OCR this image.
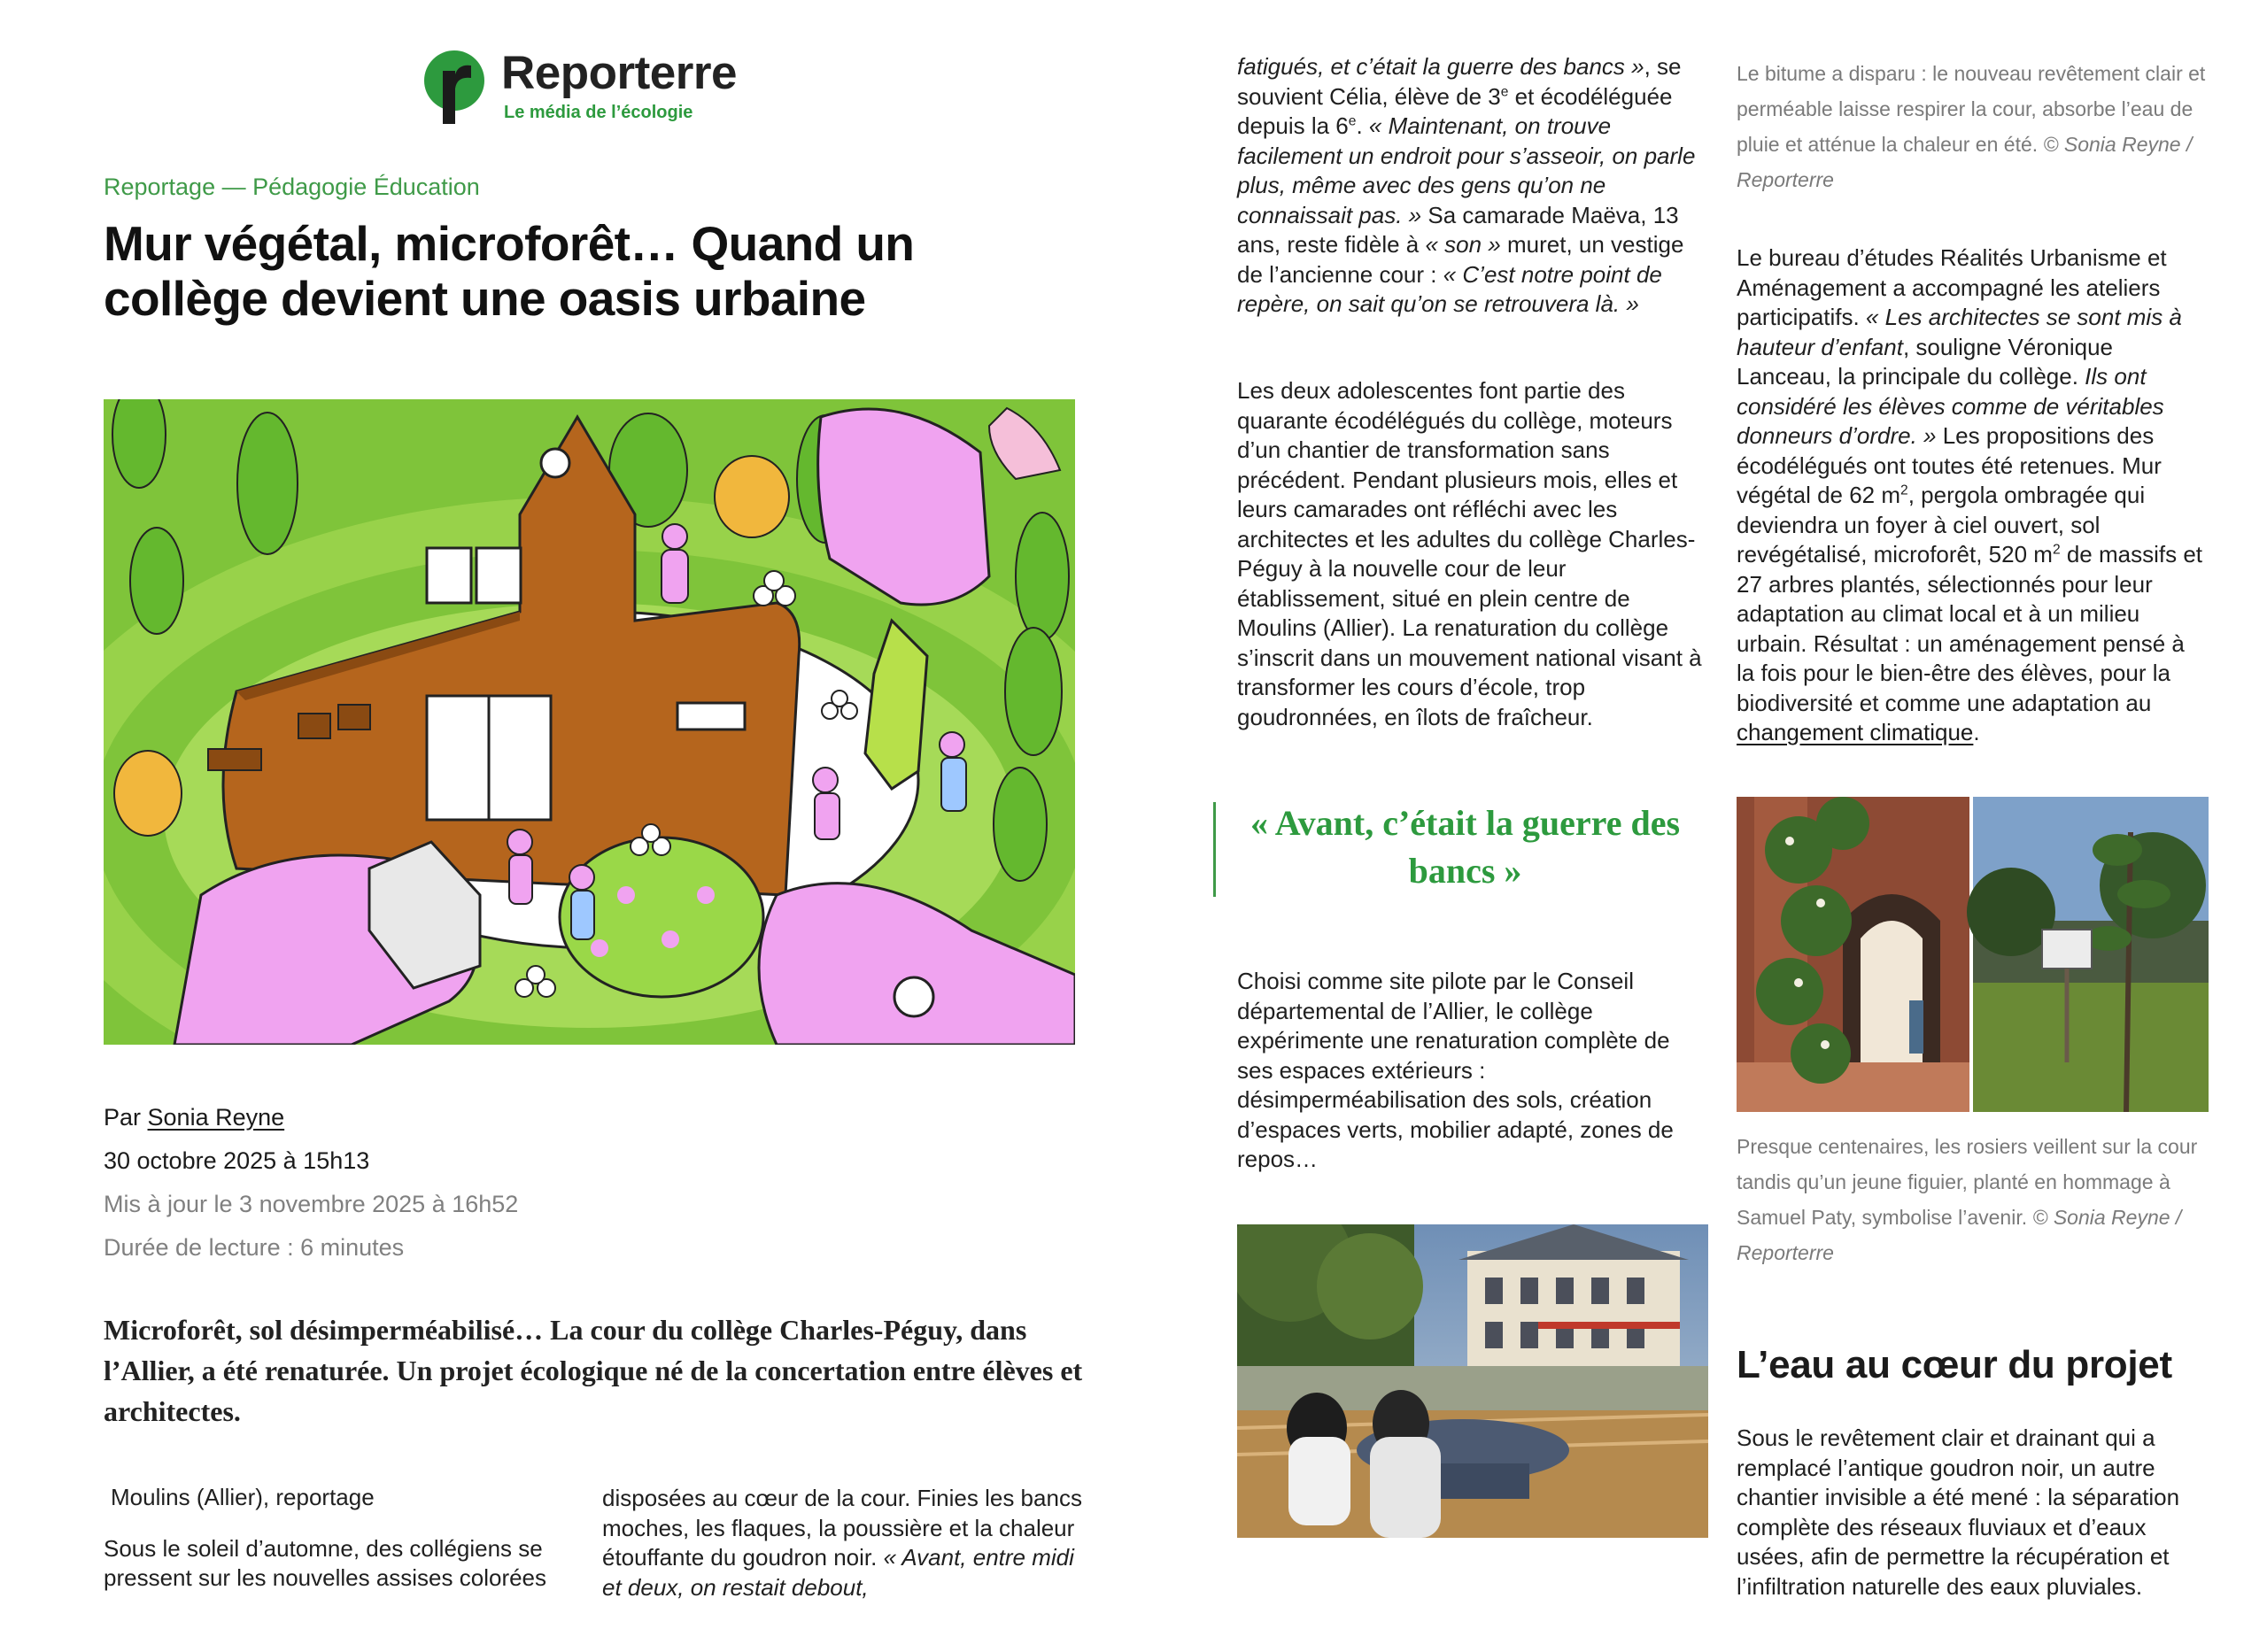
Reporterre
Le média de l’écologie
Reportage — Pédagogie Éducation
Mur végétal, microforêt… Quand un collège devient une oasis urbaine
Par Sonia Reyne
30 octobre 2025 à 15h13
Mis à jour le 3 novembre 2025 à 16h52
Durée de lecture : 6 minutes

Microforêt, sol désimperméabilisé… La cour du collège Charles-Péguy, dans l’Allier, a été renaturée. Un projet écologique né de la concertation entre élèves et architectes.

Moulins (Allier), reportage

Sous le soleil d’automne, des collégiens se pressent sur les nouvelles assises colorées

disposées au cœur de la cour. Finies les bancs moches, les flaques, la poussière et la chaleur étouffante du goudron noir. « Avant, entre midi et deux, on restait debout,
fatigués, et c’était la guerre des bancs », se souvient Célia, élève de 3e et écodéléguée depuis la 6e. « Maintenant, on trouve facilement un endroit pour s’asseoir, on parle plus, même avec des gens qu’on ne connaissait pas. » Sa camarade Maëva, 13 ans, reste fidèle à « son » muret, un vestige de l’ancienne cour : « C’est notre point de repère, on sait qu’on se retrouvera là. »

Les deux adolescentes font partie des quarante écodélégués du collège, moteurs d’un chantier de transformation sans précédent. Pendant plusieurs mois, elles et leurs camarades ont réfléchi avec les architectes et les adultes du collège Charles-Péguy à la nouvelle cour de leur établissement, situé en plein centre de Moulins (Allier). La renaturation du collège s’inscrit dans un mouvement national visant à transformer les cours d’école, trop goudronnées, en îlots de fraîcheur.

« Avant, c’était la guerre des bancs »

Choisi comme site pilote par le Conseil départemental de l’Allier, le collège expérimente une renaturation complète de ses espaces extérieurs : désimperméabilisation des sols, création d’espaces verts, mobilier adapté, zones de repos…

Le bitume a disparu : le nouveau revêtement clair et perméable laisse respirer la cour, absorbe l’eau de pluie et atténue la chaleur en été. © Sonia Reyne / Reporterre

Le bureau d’études Réalités Urbanisme et Aménagement a accompagné les ateliers participatifs. « Les architectes se sont mis à hauteur d’enfant, souligne Véronique Lanceau, la principale du collège. Ils ont considéré les élèves comme de véritables donneurs d’ordre. » Les propositions des écodélégués ont toutes été retenues. Mur végétal de 62 $m^2$, pergola ombragée qui deviendra un foyer à ciel ouvert, sol revégétalisé, microforêt, 520 $m^2$ de massifs et 27 arbres plantés, sélectionnés pour leur adaptation au climat local et à un milieu urbain. Résultat : un aménagement pensé à la fois pour le bien-être des élèves, pour la biodiversité et comme une adaptation au changement climatique.

Presque centenaires, les rosiers veillent sur la cour tandis qu’un jeune figuier, planté en hommage à Samuel Paty, symbolise l’avenir. © Sonia Reyne / Reporterre

L’eau au cœur du projet

Sous le revêtement clair et drainant qui a remplacé l’antique goudron noir, un autre chantier invisible a été mené : la séparation complète des réseaux fluviaux et d’eaux usées, afin de permettre la récupération et l’infiltration naturelle des eaux pluviales.
